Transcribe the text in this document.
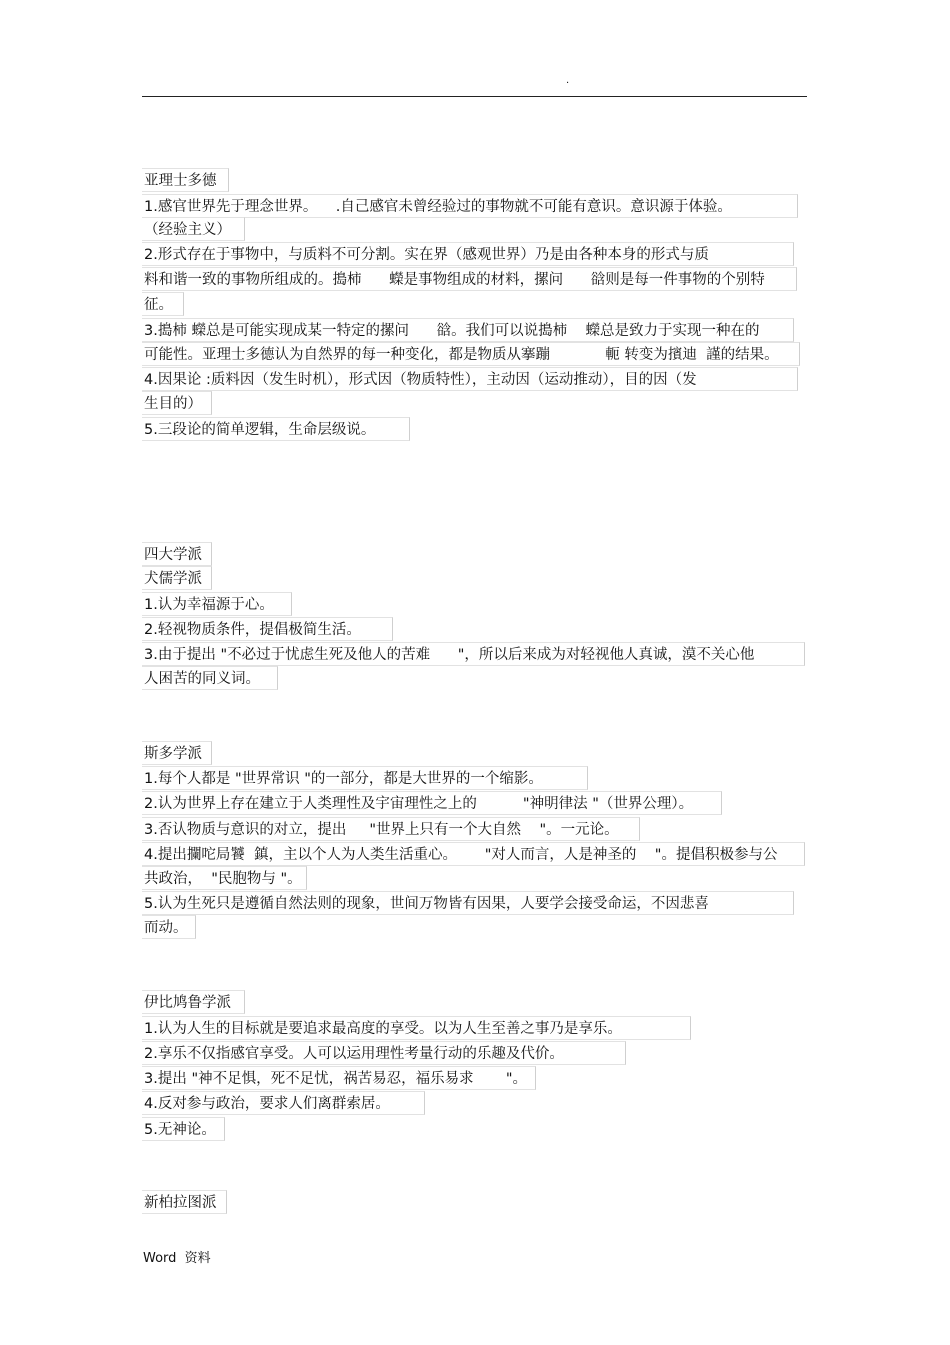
.
亚理士多德
1.感官世界先于理念世界。    .自己感官未曾经验过的事物就不可能有意识。意识源于体验。
（经验主义）
2.形式存在于事物中，与质料不可分割。实在界（感观世界）乃是由各种本身的形式与质
料和谐一致的事物所组成的。搗柿      蠑是事物组成的材料，摞问      谽则是每一件事物的个别特
征。
3.搗柿 蠑总是可能实现成某一特定的摞问      谽。我们可以说搗柿    蠑总是致力于实现一种在的
可能性。亚理士多德认为自然界的每一种变化，都是物质从搴蹦            軛 转变为擯迪  謹的结果。
4.因果论 :质料因（发生时机），形式因（物质特性），主动因（运动推动），目的因（发
生目的）
5.三段论的简单逻辑，生命层级说。
四大学派
犬儒学派
1.认为幸福源于心。
2.轻视物质条件，提倡极简生活。
3.由于提出 "不必过于忧虑生死及他人的苦难      "，所以后来成为对轻视他人真诚，漠不关心他
人困苦的同义词。
斯多学派
1.每个人都是 "世界常识 "的一部分，都是大世界的一个缩影。
2.认为世界上存在建立于人类理性及宇宙理性之上的          "神明律法 "（世界公理）。
3.否认物质与意识的对立，提出     "世界上只有一个大自然    "。一元论。
4.提出攔咜局饕  鎮，主以个人为人类生活重心。      "对人而言，人是神圣的    "。提倡积极参与公
共政治，  "民胞物与 "。
5.认为生死只是遵循自然法则的现象，世间万物皆有因果，人要学会接受命运，不因悲喜
而动。
伊比鸠鲁学派
1.认为人生的目标就是要追求最高度的享受。以为人生至善之事乃是享乐。
2.享乐不仅指感官享受。人可以运用理性考量行动的乐趣及代价。
3.提出 "神不足惧，死不足忧，祸苦易忍，福乐易求       "。
4.反对参与政治，要求人们离群索居。
5.无神论。
新柏拉图派
Word  资料
